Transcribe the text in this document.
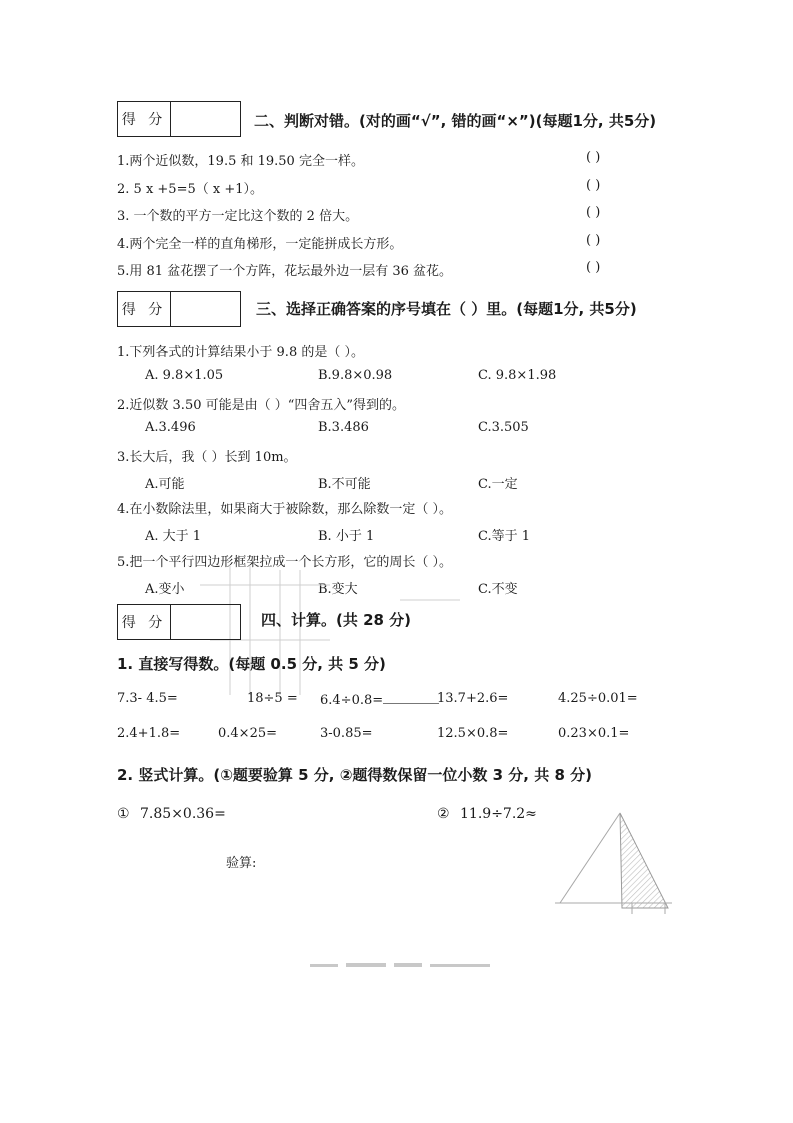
得 分	二、判断对错。(对的画“√”, 错的画“×”)(每题1分, 共5分)
1.两个近似数，19.5 和 19.50 完全一样。	( )
2. 5 x +5=5（ x +1）。	( )
3. 一个数的平方一定比这个数的 2 倍大。	( )
4.两个完全一样的直角梯形，一定能拼成长方形。	( )
5.用 81 盆花摆了一个方阵，花坛最外边一层有 36 盆花。	( )
得 分	三、选择正确答案的序号填在（ ）里。(每题1分, 共5分)
1.下列各式的计算结果小于 9.8 的是（ ）。
A. 9.8×1.05	B.9.8×0.98	C. 9.8×1.98
2.近似数 3.50 可能是由（ ）“四舍五入”得到的。
A.3.496	B.3.486	C.3.505
3.长大后，我（ ）长到 10m。
A.可能	B.不可能	C.一定
4.在小数除法里，如果商大于被除数，那么除数一定（ ）。
A. 大于 1	B. 小于 1	C.等于 1
5.把一个平行四边形框架拉成一个长方形，它的周长（ ）。
A.变小	B.变大	C.不变
得 分	四、计算。(共 28 分)
1. 直接写得数。(每题 0.5 分, 共 5 分)
7.3- 4.5=	18÷5 = 6.4÷0.8=	13.7+2.6=	4.25÷0.01=
2.4+1.8=	0.4×25=	3-0.85=	12.5×0.8=	0.23×0.1=
2. 竖式计算。(①题要验算 5 分, ②题得数保留一位小数 3 分, 共 8 分)
① 7.85×0.36=	② 11.9÷7.2≈
验算:
